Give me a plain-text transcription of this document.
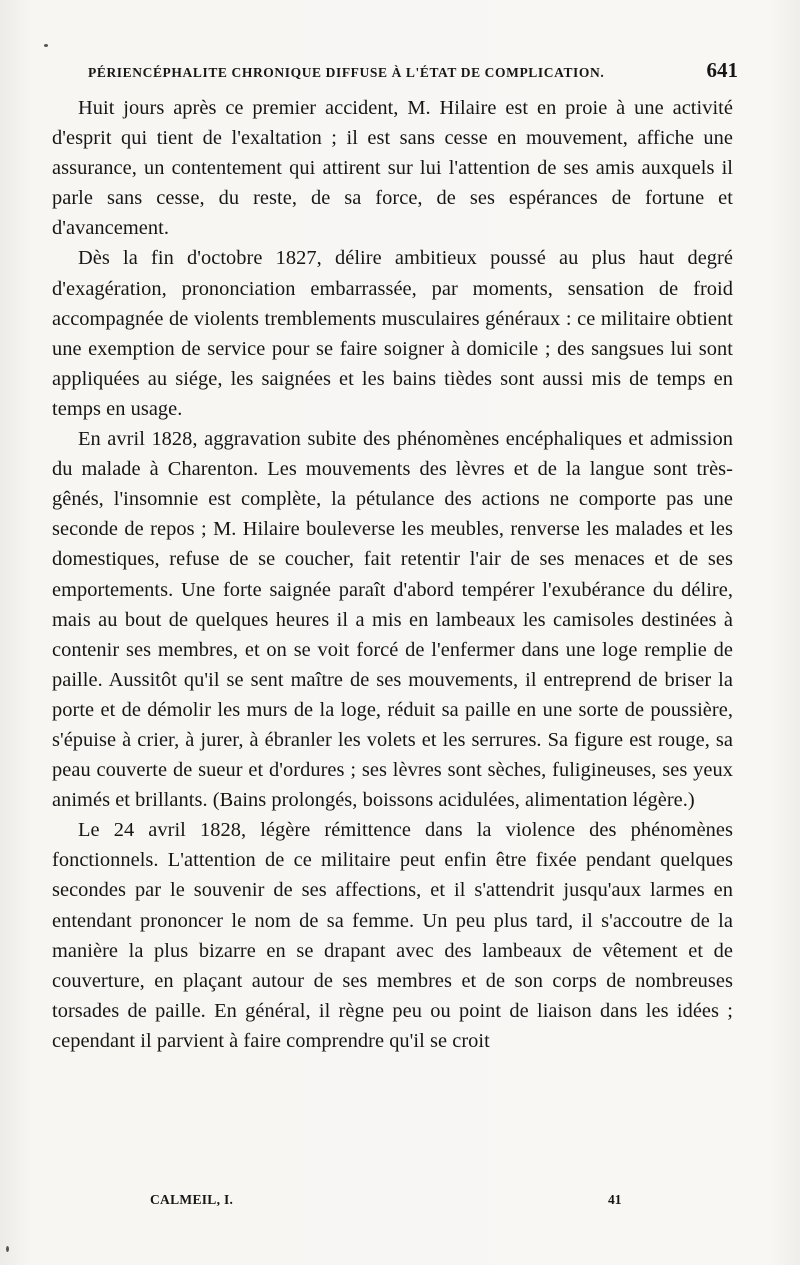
PÉRIENCÉPHALITE CHRONIQUE DIFFUSE À L'ÉTAT DE COMPLICATION.	641

Huit jours après ce premier accident, M. Hilaire est en proie à une activité d'esprit qui tient de l'exaltation ; il est sans cesse en mouvement, affiche une assurance, un contentement qui attirent sur lui l'attention de ses amis auxquels il parle sans cesse, du reste, de sa force, de ses espérances de fortune et d'avancement.

Dès la fin d'octobre 1827, délire ambitieux poussé au plus haut degré d'exagération, prononciation embarrassée, par moments, sensation de froid accompagnée de violents tremblements musculaires généraux : ce militaire obtient une exemption de service pour se faire soigner à domicile ; des sangsues lui sont appliquées au siége, les saignées et les bains tièdes sont aussi mis de temps en temps en usage.

En avril 1828, aggravation subite des phénomènes encéphaliques et admission du malade à Charenton. Les mouvements des lèvres et de la langue sont très-gênés, l'insomnie est complète, la pétulance des actions ne comporte pas une seconde de repos ; M. Hilaire bouleverse les meubles, renverse les malades et les domestiques, refuse de se coucher, fait retentir l'air de ses menaces et de ses emportements. Une forte saignée paraît d'abord tempérer l'exubérance du délire, mais au bout de quelques heures il a mis en lambeaux les camisoles destinées à contenir ses membres, et on se voit forcé de l'enfermer dans une loge remplie de paille. Aussitôt qu'il se sent maître de ses mouvements, il entreprend de briser la porte et de démolir les murs de la loge, réduit sa paille en une sorte de poussière, s'épuise à crier, à jurer, à ébranler les volets et les serrures. Sa figure est rouge, sa peau couverte de sueur et d'ordures ; ses lèvres sont sèches, fuligineuses, ses yeux animés et brillants. (Bains prolongés, boissons acidulées, alimentation légère.)

Le 24 avril 1828, légère rémittence dans la violence des phénomènes fonctionnels. L'attention de ce militaire peut enfin être fixée pendant quelques secondes par le souvenir de ses affections, et il s'attendrit jusqu'aux larmes en entendant prononcer le nom de sa femme. Un peu plus tard, il s'accoutre de la manière la plus bizarre en se drapant avec des lambeaux de vêtement et de couverture, en plaçant autour de ses membres et de son corps de nombreuses torsades de paille. En général, il règne peu ou point de liaison dans les idées ; cependant il parvient à faire comprendre qu'il se croit

CALMEIL, I.	41
